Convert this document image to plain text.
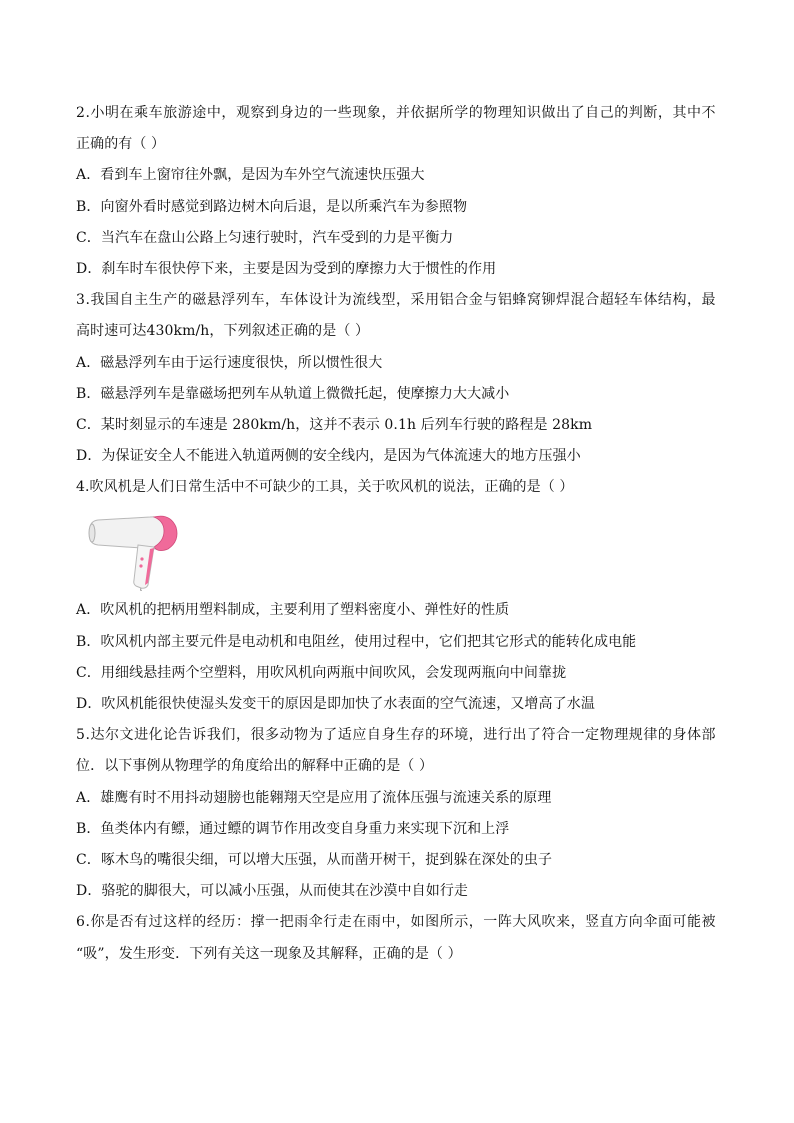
2.小明在乘车旅游途中，观察到身边的一些现象，并依据所学的物理知识做出了自己的判断，其中不
正确的有（ ）
A．看到车上窗帘往外飘，是因为车外空气流速快压强大
B．向窗外看时感觉到路边树木向后退，是以所乘汽车为参照物
C．当汽车在盘山公路上匀速行驶时，汽车受到的力是平衡力
D．刹车时车很快停下来，主要是因为受到的摩擦力大于惯性的作用
3.我国自主生产的磁悬浮列车，车体设计为流线型，采用铝合金与铝蜂窝铆焊混合超轻车体结构，最
高时速可达430km/h，下列叙述正确的是（ ）
A．磁悬浮列车由于运行速度很快，所以惯性很大
B．磁悬浮列车是靠磁场把列车从轨道上微微托起，使摩擦力大大减小
C．某时刻显示的车速是 280km/h，这并不表示 0.1h 后列车行驶的路程是 28km
D．为保证安全人不能进入轨道两侧的安全线内，是因为气体流速大的地方压强小
4.吹风机是人们日常生活中不可缺少的工具，关于吹风机的说法，正确的是（ ）
A．吹风机的把柄用塑料制成，主要利用了塑料密度小、弹性好的性质
B．吹风机内部主要元件是电动机和电阻丝，使用过程中，它们把其它形式的能转化成电能
C．用细线悬挂两个空塑料，用吹风机向两瓶中间吹风，会发现两瓶向中间靠拢
D．吹风机能很快使湿头发变干的原因是即加快了水表面的空气流速，又增高了水温
5.达尔文进化论告诉我们，很多动物为了适应自身生存的环境，进行出了符合一定物理规律的身体部
位．以下事例从物理学的角度给出的解释中正确的是（ ）
A．雄鹰有时不用抖动翅膀也能翱翔天空是应用了流体压强与流速关系的原理
B．鱼类体内有鳔，通过鳔的调节作用改变自身重力来实现下沉和上浮
C．啄木鸟的嘴很尖细，可以增大压强，从而凿开树干，捉到躲在深处的虫子
D．骆驼的脚很大，可以减小压强，从而使其在沙漠中自如行走
6.你是否有过这样的经历：撑一把雨伞行走在雨中，如图所示，一阵大风吹来，竖直方向伞面可能被
“吸”，发生形变．下列有关这一现象及其解释，正确的是（ ）
